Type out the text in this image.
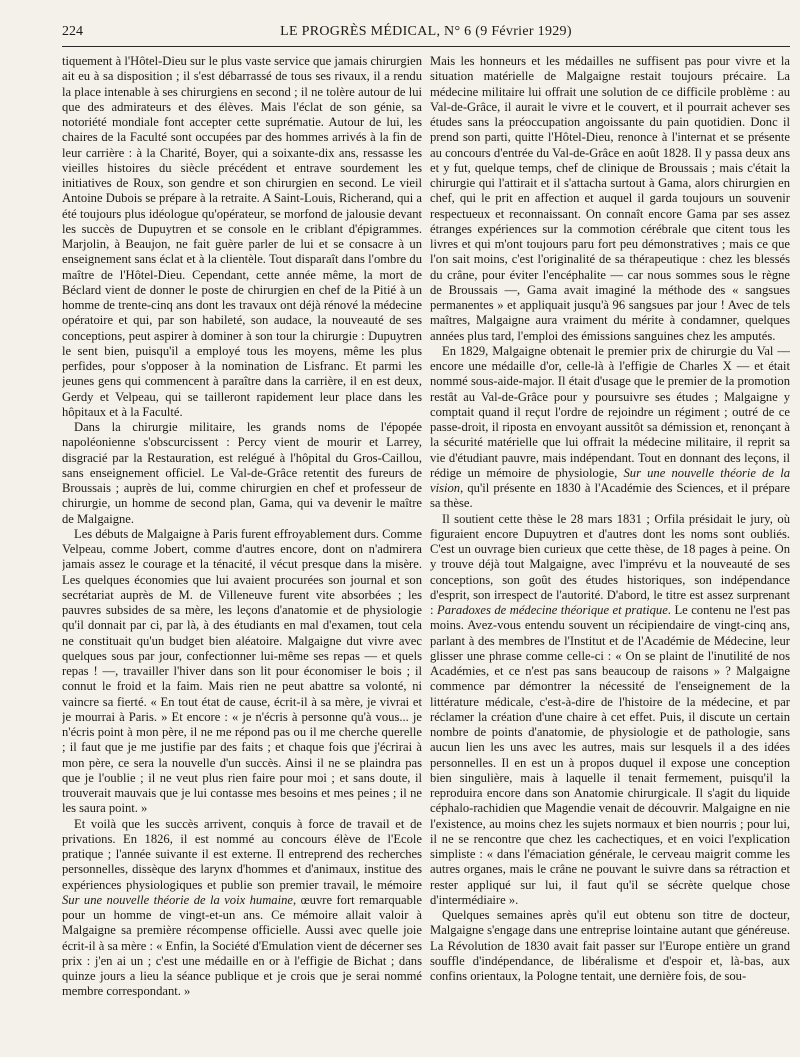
224	LE PROGRÈS MÉDICAL, N° 6 (9 Février 1929)

tiquement à l'Hôtel-Dieu sur le plus vaste service que jamais chirurgien ait eu à sa disposition ; il s'est débarrassé de tous ses rivaux, il a rendu la place intenable à ses chirurgiens en second ; il ne tolère autour de lui que des admirateurs et des élèves. Mais l'éclat de son génie, sa notoriété mondiale font accepter cette suprématie. Autour de lui, les chaires de la Faculté sont occupées par des hommes arrivés à la fin de leur carrière : à la Charité, Boyer, qui a soixante-dix ans, ressasse les vieilles histoires du siècle précédent et entrave sourdement les initiatives de Roux, son gendre et son chirurgien en second. Le vieil Antoine Dubois se prépare à la retraite. A Saint-Louis, Richerand, qui a été toujours plus idéologue qu'opérateur, se morfond de jalousie devant les succès de Dupuytren et se console en le criblant d'épigrammes. Marjolin, à Beaujon, ne fait guère parler de lui et se consacre à un enseignement sans éclat et à la clientèle. Tout disparaît dans l'ombre du maître de l'Hôtel-Dieu. Cependant, cette année même, la mort de Béclard vient de donner le poste de chirurgien en chef de la Pitié à un homme de trente-cinq ans dont les travaux ont déjà rénové la médecine opératoire et qui, par son habileté, son audace, la nouveauté de ses conceptions, peut aspirer à dominer à son tour la chirurgie : Dupuytren le sent bien, puisqu'il a employé tous les moyens, même les plus perfides, pour s'opposer à la nomination de Lisfranc. Et parmi les jeunes gens qui commencent à paraître dans la carrière, il en est deux, Gerdy et Velpeau, qui se tailleront rapidement leur place dans les hôpitaux et à la Faculté.

Dans la chirurgie militaire, les grands noms de l'épopée napoléonienne s'obscurcissent : Percy vient de mourir et Larrey, disgracié par la Restauration, est relégué à l'hôpital du Gros-Caillou, sans enseignement officiel. Le Val-de-Grâce retentit des fureurs de Broussais ; auprès de lui, comme chirurgien en chef et professeur de chirurgie, un homme de second plan, Gama, qui va devenir le maître de Malgaigne.

Les débuts de Malgaigne à Paris furent effroyablement durs. Comme Velpeau, comme Jobert, comme d'autres encore, dont on n'admirera jamais assez le courage et la ténacité, il vécut presque dans la misère. Les quelques économies que lui avaient procurées son journal et son secrétariat auprès de M. de Villeneuve furent vite absorbées ; les pauvres subsides de sa mère, les leçons d'anatomie et de physiologie qu'il donnait par ci, par là, à des étudiants en mal d'examen, tout cela ne constituait qu'un budget bien aléatoire. Malgaigne dut vivre avec quelques sous par jour, confectionner lui-même ses repas — et quels repas ! —, travailler l'hiver dans son lit pour économiser le bois ; il connut le froid et la faim. Mais rien ne peut abattre sa volonté, ni vaincre sa fierté. « En tout état de cause, écrit-il à sa mère, je vivrai et je mourrai à Paris. » Et encore : « je n'écris à personne qu'à vous... je n'écris point à mon père, il ne me répond pas ou il me cherche querelle ; il faut que je me justifie par des faits ; et chaque fois que j'écrirai à mon père, ce sera la nouvelle d'un succès. Ainsi il ne se plaindra pas que je l'oublie ; il ne veut plus rien faire pour moi ; et sans doute, il trouverait mauvais que je lui contasse mes besoins et mes peines ; il ne les saura point. »

Et voilà que les succès arrivent, conquis à force de travail et de privations. En 1826, il est nommé au concours élève de l'Ecole pratique ; l'année suivante il est externe. Il entreprend des recherches personnelles, dissèque des larynx d'hommes et d'animaux, institue des expériences physiologiques et publie son premier travail, le mémoire Sur une nouvelle théorie de la voix humaine, œuvre fort remarquable pour un homme de vingt-et-un ans. Ce mémoire allait valoir à Malgaigne sa première récompense officielle. Aussi avec quelle joie écrit-il à sa mère : « Enfin, la Société d'Emulation vient de décerner ses prix : j'en ai un ; c'est une médaille en or à l'effigie de Bichat ; dans quinze jours a lieu la séance publique et je crois que je serai nommé membre correspondant. »

Mais les honneurs et les médailles ne suffisent pas pour vivre et la situation matérielle de Malgaigne restait toujours précaire. La médecine militaire lui offrait une solution de ce difficile problème : au Val-de-Grâce, il aurait le vivre et le couvert, et il pourrait achever ses études sans la préoccupation angoissante du pain quotidien. Donc il prend son parti, quitte l'Hôtel-Dieu, renonce à l'internat et se présente au concours d'entrée du Val-de-Grâce en août 1828. Il y passa deux ans et y fut, quelque temps, chef de clinique de Broussais ; mais c'était la chirurgie qui l'attirait et il s'attacha surtout à Gama, alors chirurgien en chef, qui le prit en affection et auquel il garda toujours un souvenir respectueux et reconnaissant. On connaît encore Gama par ses assez étranges expériences sur la commotion cérébrale que citent tous les livres et qui m'ont toujours paru fort peu démonstratives ; mais ce que l'on sait moins, c'est l'originalité de sa thérapeutique : chez les blessés du crâne, pour éviter l'encéphalite — car nous sommes sous le règne de Broussais —, Gama avait imaginé la méthode des « sangsues permanentes » et appliquait jusqu'à 96 sangsues par jour ! Avec de tels maîtres, Malgaigne aura vraiment du mérite à condamner, quelques années plus tard, l'emploi des émissions sanguines chez les amputés.

En 1829, Malgaigne obtenait le premier prix de chirurgie du Val — encore une médaille d'or, celle-là à l'effigie de Charles X — et était nommé sous-aide-major. Il était d'usage que le premier de la promotion restât au Val-de-Grâce pour y poursuivre ses études ; Malgaigne y comptait quand il reçut l'ordre de rejoindre un régiment ; outré de ce passe-droit, il riposta en envoyant aussitôt sa démission et, renonçant à la sécurité matérielle que lui offrait la médecine militaire, il reprit sa vie d'étudiant pauvre, mais indépendant. Tout en donnant des leçons, il rédige un mémoire de physiologie, Sur une nouvelle théorie de la vision, qu'il présente en 1830 à l'Académie des Sciences, et il prépare sa thèse.

Il soutient cette thèse le 28 mars 1831 ; Orfila présidait le jury, où figuraient encore Dupuytren et d'autres dont les noms sont oubliés. C'est un ouvrage bien curieux que cette thèse, de 18 pages à peine. On y trouve déjà tout Malgaigne, avec l'imprévu et la nouveauté de ses conceptions, son goût des études historiques, son indépendance d'esprit, son irrespect de l'autorité. D'abord, le titre est assez surprenant : Paradoxes de médecine théorique et pratique. Le contenu ne l'est pas moins. Avez-vous entendu souvent un récipiendaire de vingt-cinq ans, parlant à des membres de l'Institut et de l'Académie de Médecine, leur glisser une phrase comme celle-ci : « On se plaint de l'inutilité de nos Académies, et ce n'est pas sans beaucoup de raisons » ? Malgaigne commence par démontrer la nécessité de l'enseignement de la littérature médicale, c'est-à-dire de l'histoire de la médecine, et par réclamer la création d'une chaire à cet effet. Puis, il discute un certain nombre de points d'anatomie, de physiologie et de pathologie, sans aucun lien les uns avec les autres, mais sur lesquels il a des idées personnelles. Il en est un à propos duquel il expose une conception bien singulière, mais à laquelle il tenait fermement, puisqu'il la reproduira encore dans son Anatomie chirurgicale. Il s'agit du liquide céphalo-rachidien que Magendie venait de découvrir. Malgaigne en nie l'existence, au moins chez les sujets normaux et bien nourris ; pour lui, il ne se rencontre que chez les cachectiques, et en voici l'explication simpliste : « dans l'émaciation générale, le cerveau maigrit comme les autres organes, mais le crâne ne pouvant le suivre dans sa rétraction et rester appliqué sur lui, il faut qu'il se sécrète quelque chose d'intermédiaire ».

Quelques semaines après qu'il eut obtenu son titre de docteur, Malgaigne s'engage dans une entreprise lointaine autant que généreuse. La Révolution de 1830 avait fait passer sur l'Europe entière un grand souffle d'indépendance, de libéralisme et d'espoir et, là-bas, aux confins orientaux, la Pologne tentait, une dernière fois, de sou-
